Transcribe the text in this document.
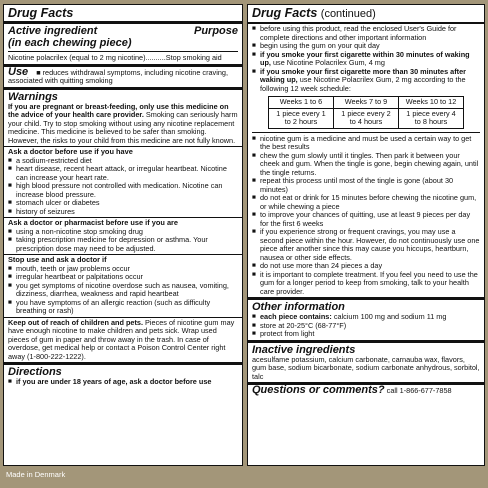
Drug Facts
Active ingredient	Purpose
(in each chewing piece)

Nicotine polacrilex (equal to 2 mg nicotine)..........Stop smoking aid

Use ■ reduces withdrawal symptoms, including nicotine craving, associated with quitting smoking

Warnings

If you are pregnant or breast-feeding, only use this medicine on the advice of your health care provider. Smoking can seriously harm your child. Try to stop smoking without using any nicotine replacement medicine. This medicine is believed to be safer than smoking. However, the risks to your child from this medicine are not fully known.

Ask a doctor before use if you have
■ a sodium-restricted diet
■ heart disease, recent heart attack, or irregular heartbeat. Nicotine can increase your heart rate.
■ high blood pressure not controlled with medication. Nicotine can increase blood pressure.
■ stomach ulcer or diabetes
■ history of seizures
Ask a doctor or pharmacist before use if you are
■ using a non-nicotine stop smoking drug
■ taking prescription medicine for depression or asthma. Your prescription dose may need to be adjusted.
Stop use and ask a doctor if
■ mouth, teeth or jaw problems occur
■ irregular heartbeat or palpitations occur
■ you get symptoms of nicotine overdose such as nausea, vomiting, dizziness, diarrhea, weakness and rapid heartbeat
■ you have symptoms of an allergic reaction (such as difficulty breathing or rash)

Keep out of reach of children and pets. Pieces of nicotine gum may have enough nicotine to make children and pets sick. Wrap used pieces of gum in paper and throw away in the trash. In case of overdose, get medical help or contact a Poison Control Center right away (1-800-222-1222).

Directions
■ if you are under 18 years of age, ask a doctor before use
Drug Facts (continued)
■ before using this product, read the enclosed User's Guide for complete directions and other important information
■ begin using the gum on your quit day
■ if you smoke your first cigarette within 30 minutes of waking up, use Nicotine Polacrilex Gum, 4 mg
■ if you smoke your first cigarette more than 30 minutes after waking up, use Nicotine Polacrilex Gum, 2 mg according to the following 12 week schedule:
Weeks 1 to 6	Weeks 7 to 9	Weeks 10 to 12
1 piece every 1 to 2 hours	1 piece every 2 to 4 hours	1 piece every 4 to 8 hours
■ nicotine gum is a medicine and must be used a certain way to get the best results
■ chew the gum slowly until it tingles. Then park it between your cheek and gum. When the tingle is gone, begin chewing again, until the tingle returns.
■ repeat this process until most of the tingle is gone (about 30 minutes)
■ do not eat or drink for 15 minutes before chewing the nicotine gum, or while chewing a piece
■ to improve your chances of quitting, use at least 9 pieces per day for the first 6 weeks
■ if you experience strong or frequent cravings, you may use a second piece within the hour. However, do not continuously use one piece after another since this may cause you hiccups, heartburn, nausea or other side effects.
■ do not use more than 24 pieces a day
■ it is important to complete treatment. If you feel you need to use the gum for a longer period to keep from smoking, talk to your health care provider.
Other information
■ each piece contains: calcium 100 mg and sodium 11 mg
■ store at 20-25°C (68-77°F)
■ protect from light
Inactive ingredients

acesulfame potassium, calcium carbonate, carnauba wax, flavors, gum base, sodium bicarbonate, sodium carbonate anhydrous, sorbitol, talc

Questions or comments? call 1-866-677-7858

Made in Denmark
